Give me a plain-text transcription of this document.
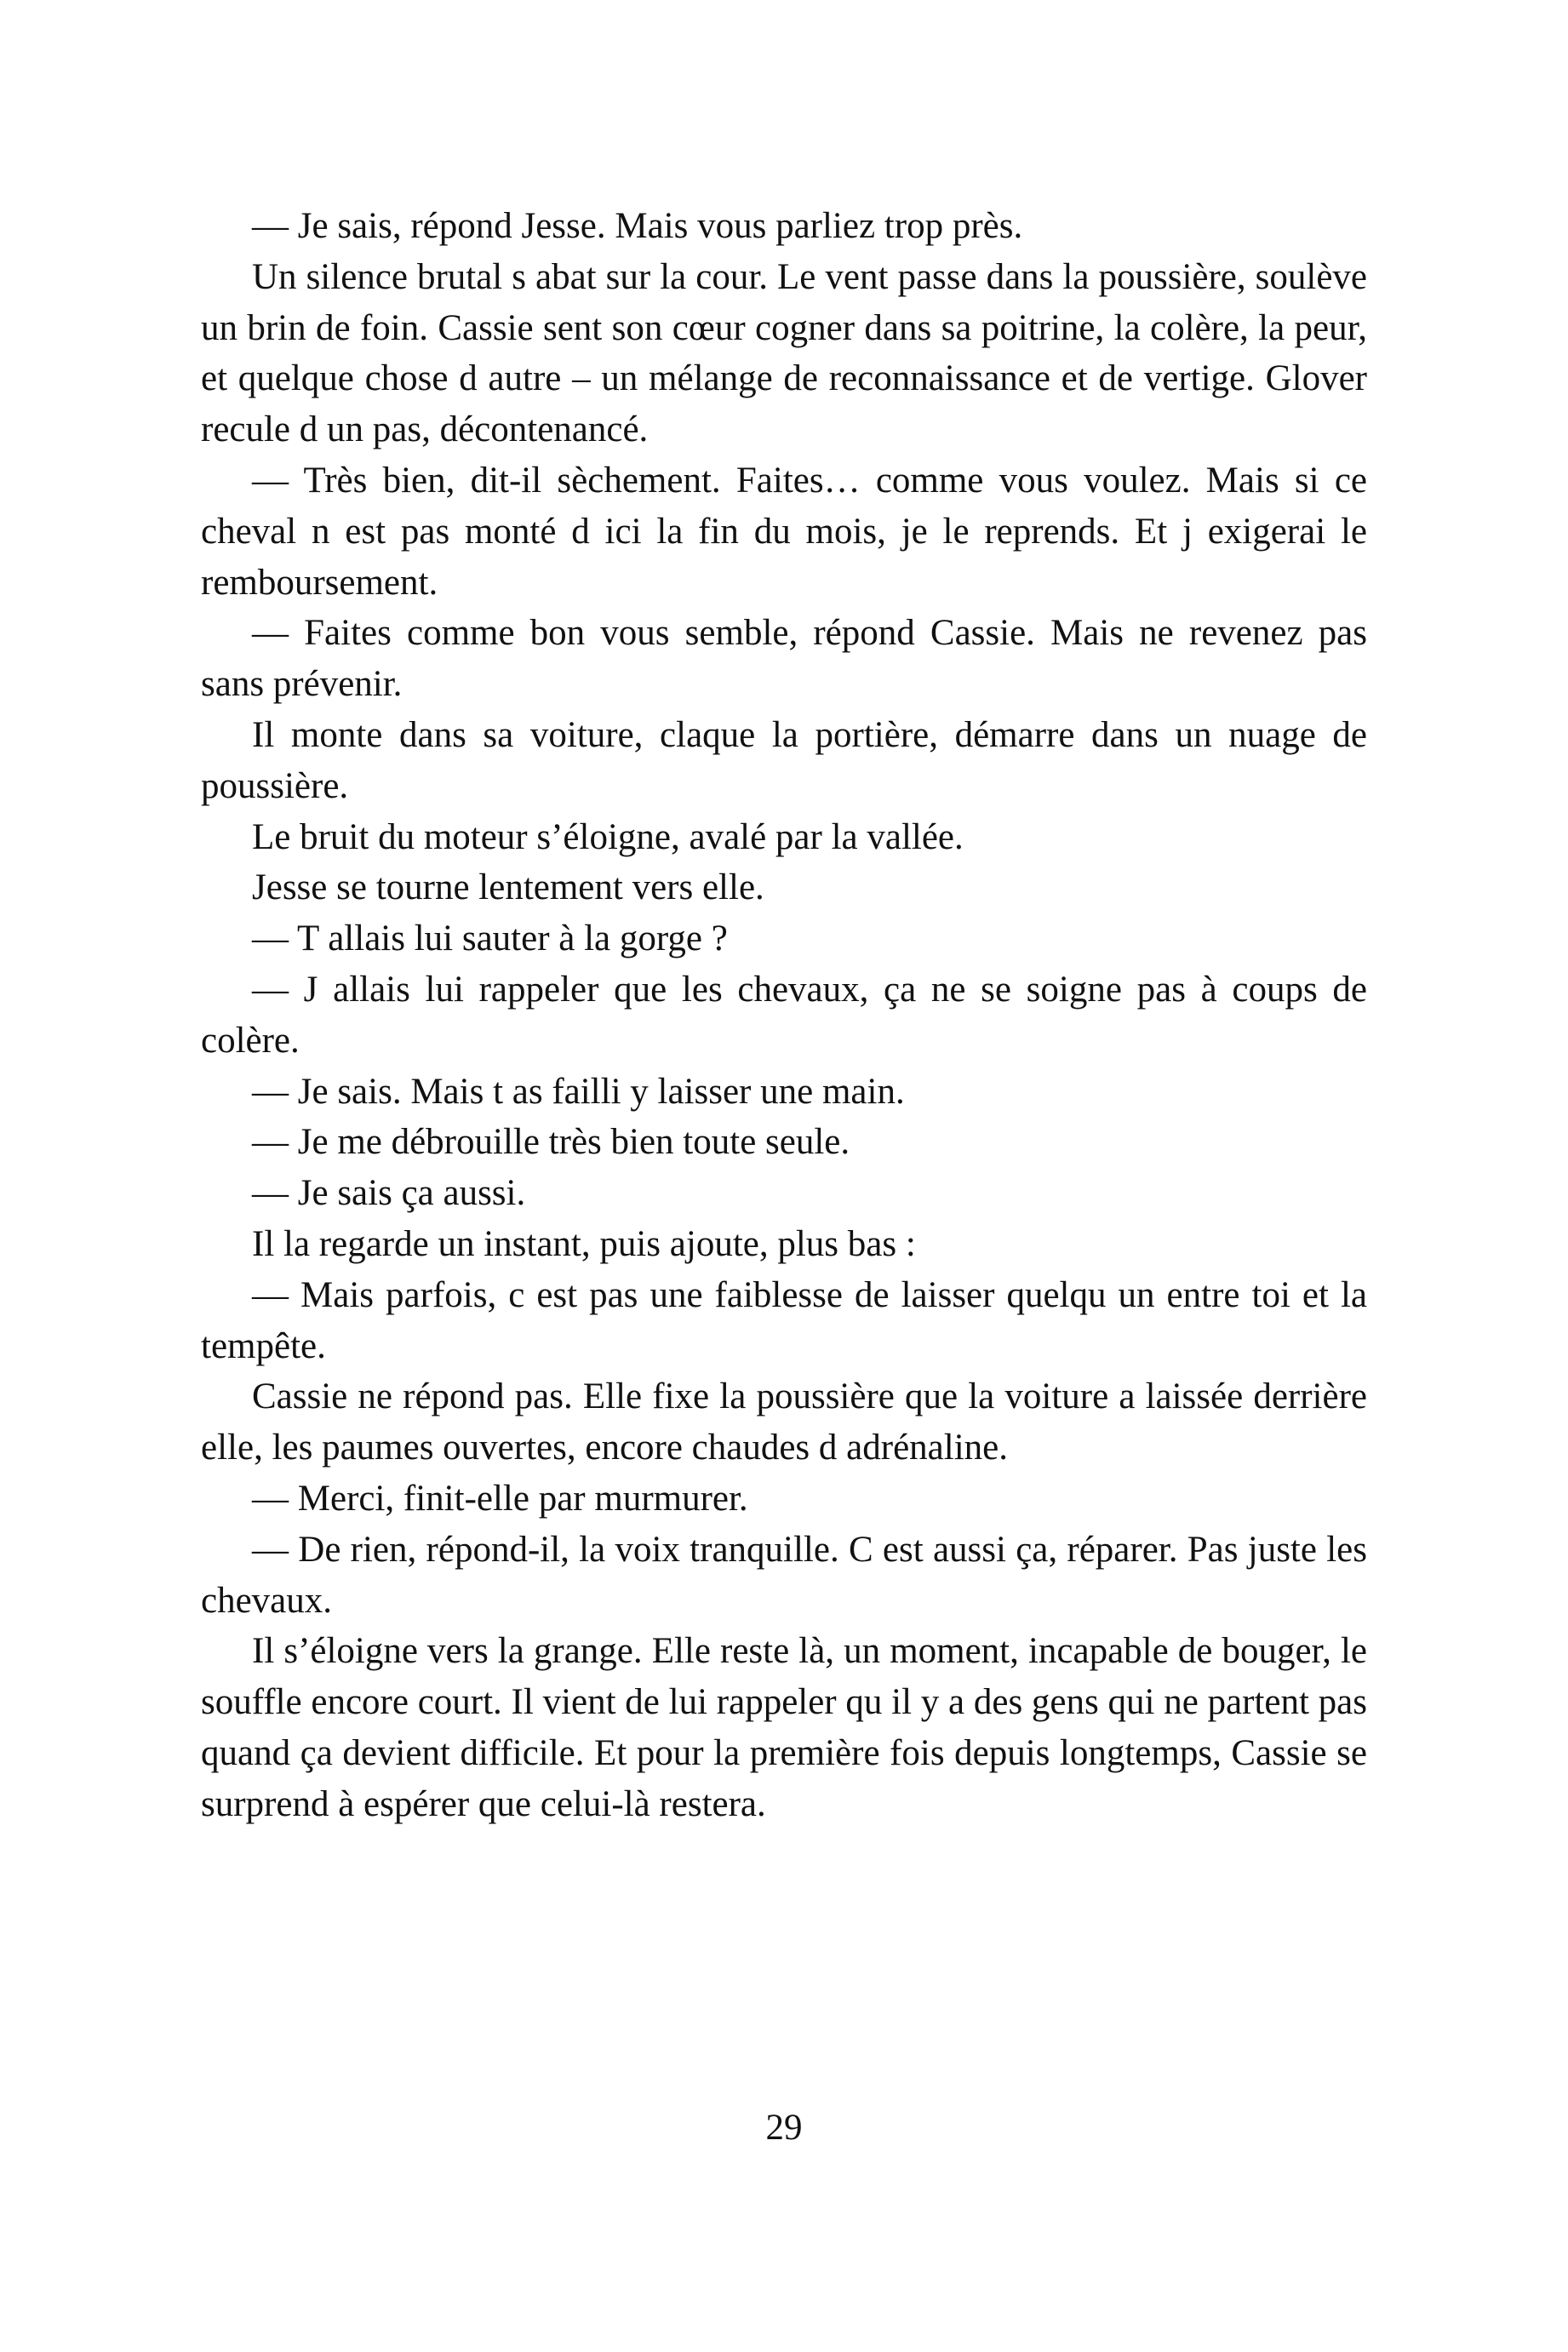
— Je sais, répond Jesse. Mais vous parliez trop près.

Un silence brutal s abat sur la cour. Le vent passe dans la poussière, soulève un brin de foin. Cassie sent son cœur cogner dans sa poitrine, la colère, la peur, et quelque chose d autre – un mélange de reconnaissance et de vertige. Glover recule d un pas, décontenancé.

— Très bien, dit-il sèchement. Faites… comme vous voulez. Mais si ce cheval n est pas monté d ici la fin du mois, je le reprends. Et j exigerai le remboursement.

— Faites comme bon vous semble, répond Cassie. Mais ne revenez pas sans prévenir.

Il monte dans sa voiture, claque la portière, démarre dans un nuage de poussière.

Le bruit du moteur s’éloigne, avalé par la vallée.

Jesse se tourne lentement vers elle.

— T allais lui sauter à la gorge ?

— J allais lui rappeler que les chevaux, ça ne se soigne pas à coups de colère.

— Je sais. Mais t as failli y laisser une main.

— Je me débrouille très bien toute seule.

— Je sais ça aussi.

Il la regarde un instant, puis ajoute, plus bas :

— Mais parfois, c est pas une faiblesse de laisser quelqu un entre toi et la tempête.

Cassie ne répond pas. Elle fixe la poussière que la voiture a laissée derrière elle, les paumes ouvertes, encore chaudes d adrénaline.

— Merci, finit-elle par murmurer.

— De rien, répond-il, la voix tranquille. C est aussi ça, réparer. Pas juste les chevaux.

Il s’éloigne vers la grange. Elle reste là, un moment, incapable de bouger, le souffle encore court. Il vient de lui rappeler qu il y a des gens qui ne partent pas quand ça devient difficile. Et pour la première fois depuis longtemps, Cassie se surprend à espérer que celui-là restera.

29
